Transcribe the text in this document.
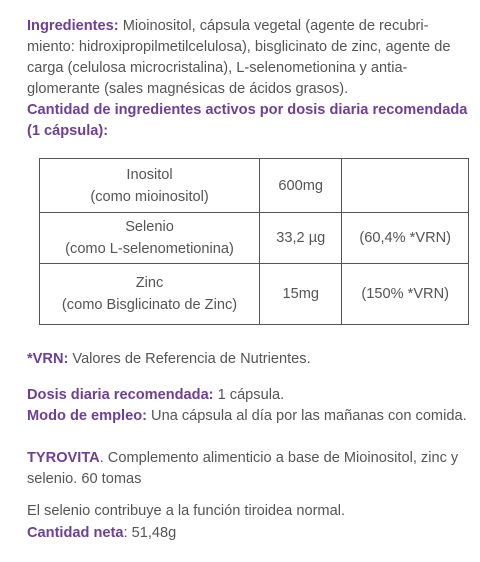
Ingredientes: Mioinositol, cápsula vegetal (agente de recubri-miento: hidroxipropilmetilcelulosa), bisglicinato de zinc, agente de carga (celulosa microcristalina), L-selenometionina y antia-glomerante (sales magnésicas de ácidos grasos).

Cantidad de ingredientes activos por dosis diaria recomendada (1 cápsula):

Inositol
(como mioinositol)	600mg	

Selenio
(como L-selenometionina)	33,2 µg	(60,4% *VRN)

Zinc
(como Bisglicinato de Zinc)	15mg	(150% *VRN)

*VRN: Valores de Referencia de Nutrientes.

Dosis diaria recomendada: 1 cápsula.

Modo de empleo: Una cápsula al día por las mañanas con comida.

TYROVITA. Complemento alimenticio a base de Mioinositol, zinc y selenio. 60 tomas

El selenio contribuye a la función tiroidea normal.

Cantidad neta: 51,48g
